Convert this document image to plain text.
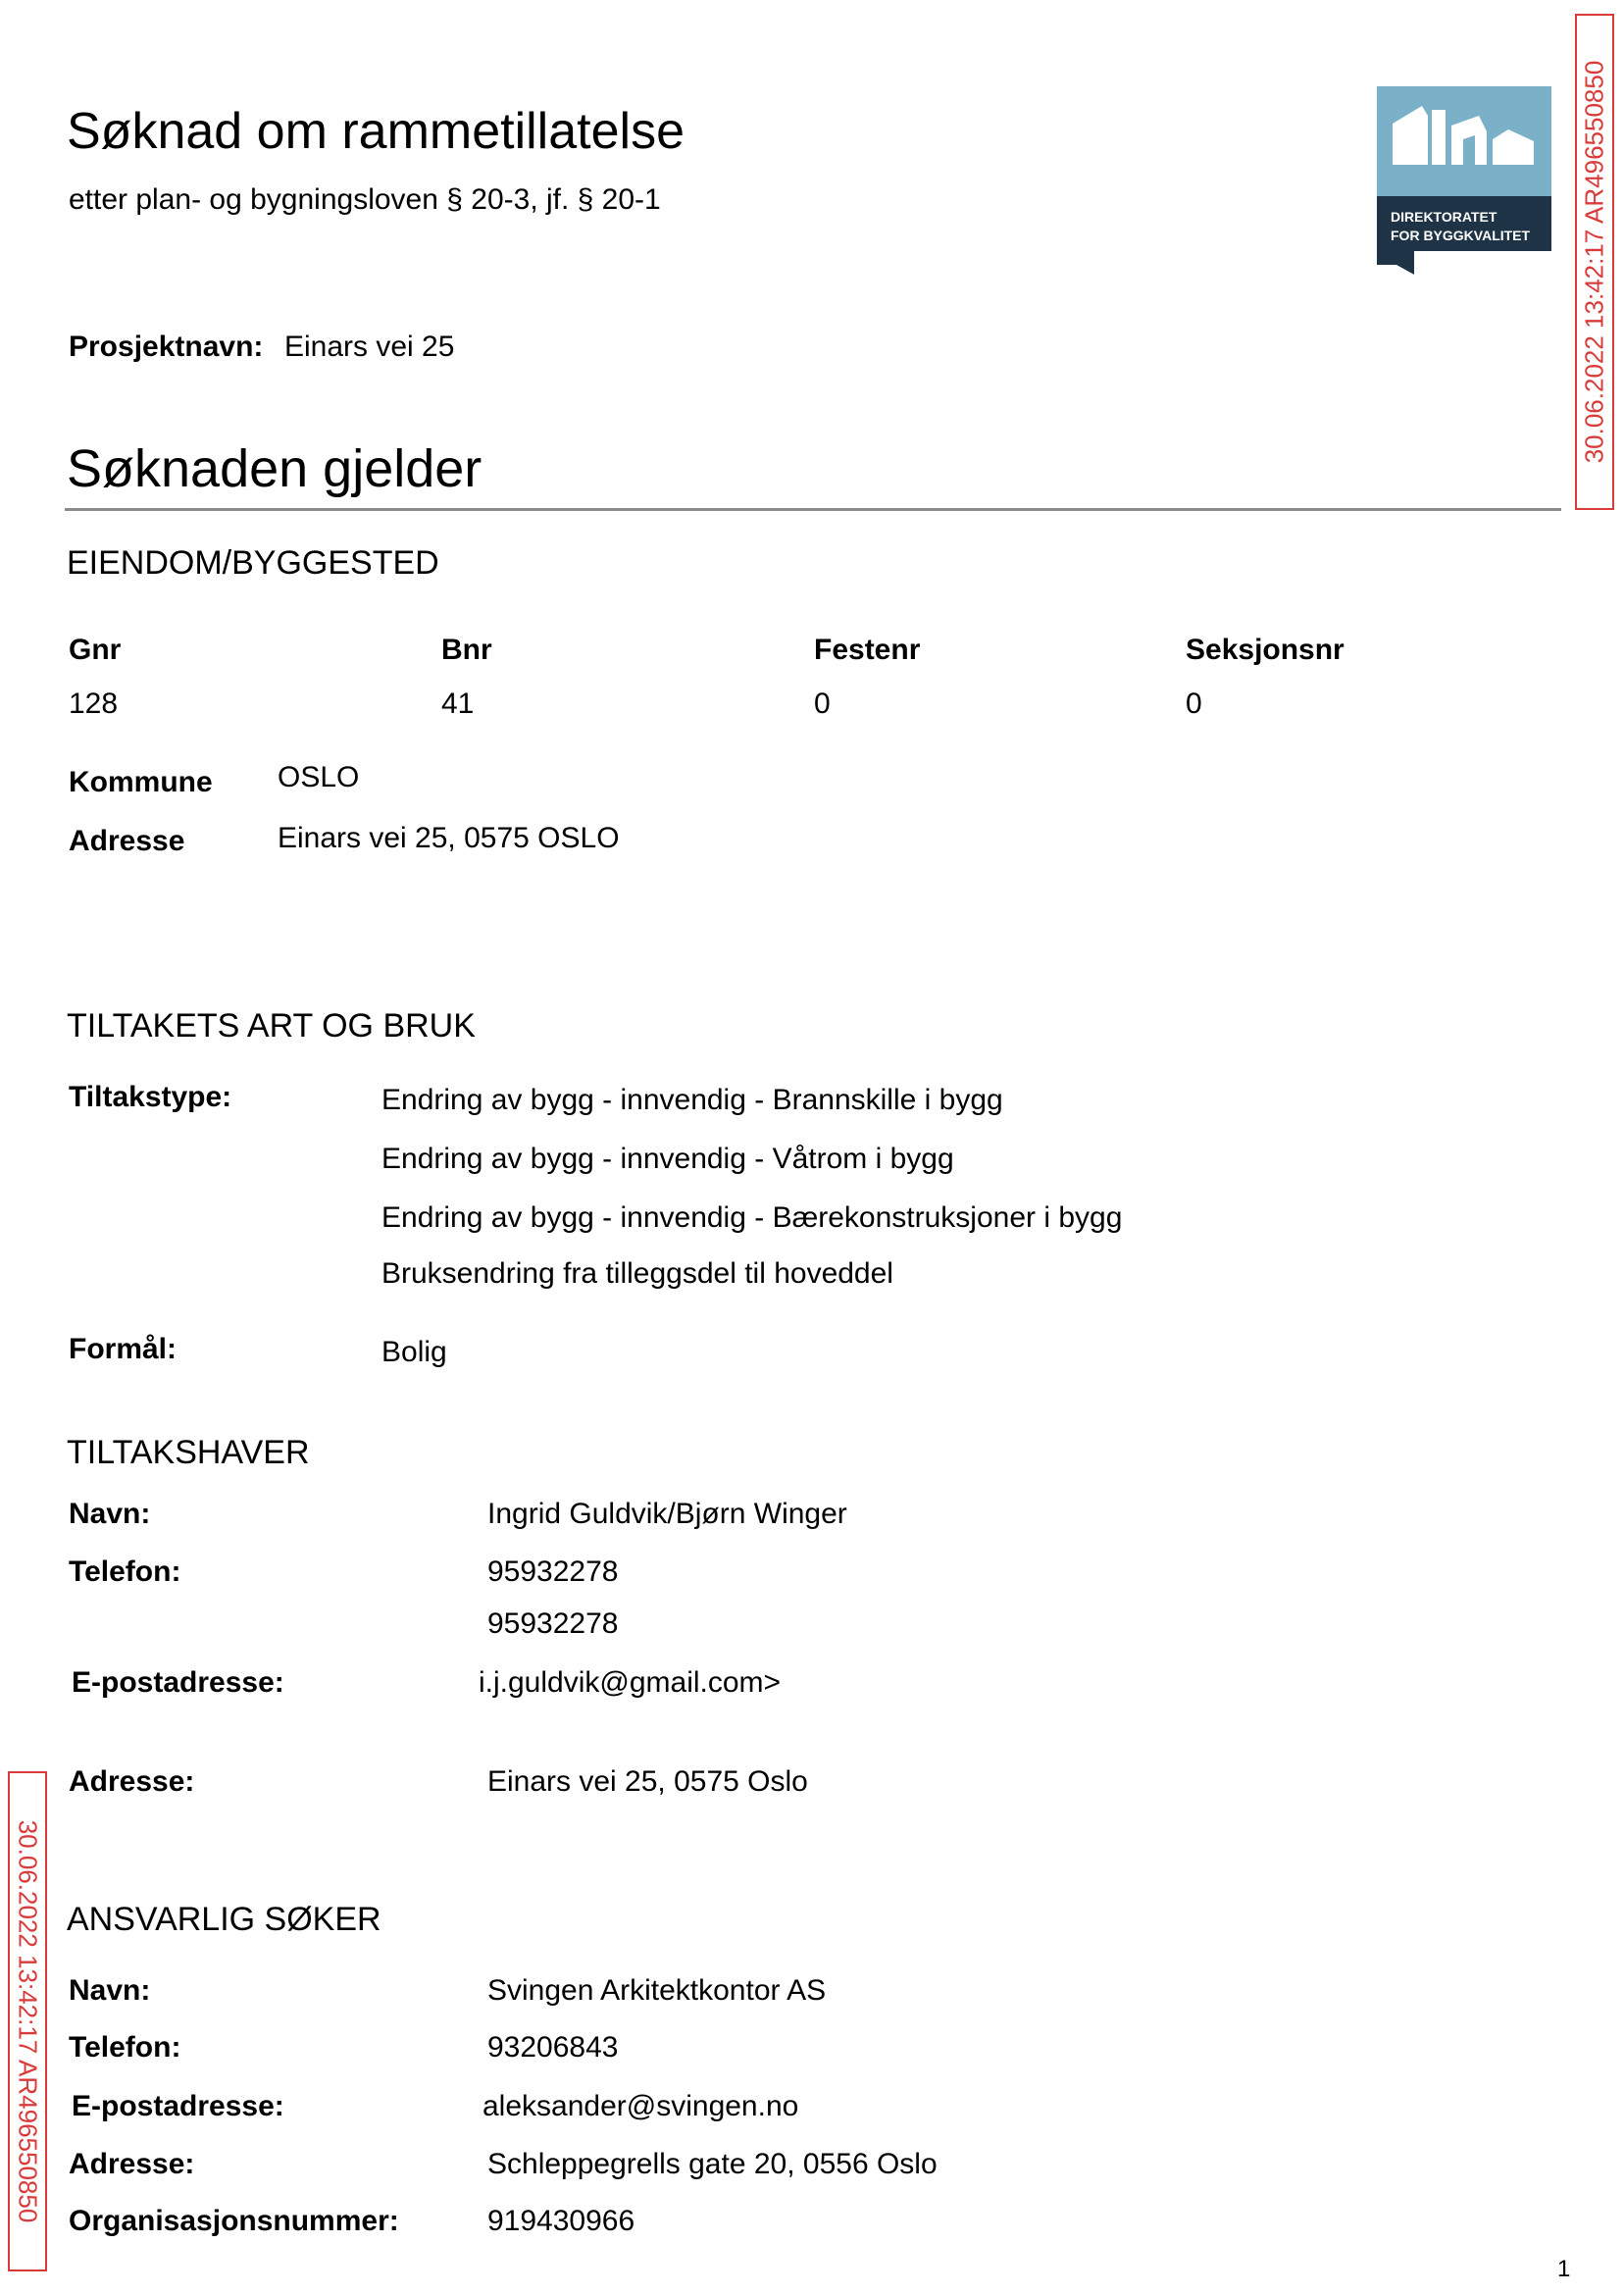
Søknad om rammetillatelse
etter plan- og bygningsloven § 20-3, jf. § 20-1
Prosjektnavn: Einars vei 25
DIREKTORATET
FOR BYGGKVALITET 30.06.2022 13:42:17 AR496550850
30.06.2022 13:42:17 AR496550850
Søknaden gjelder
EIENDOM/BYGGESTED
Gnr	Bnr	Festenr	Seksjonsnr
128	41	0	0
Kommune OSLO
Adresse	Einars vei 25, 0575 OSLO
TILTAKETS ART OG BRUK
Tiltakstype:	Endring av bygg - innvendig - Brannskille i bygg
Endring av bygg - innvendig - Våtrom i bygg
Endring av bygg - innvendig - Bærekonstruksjoner i bygg
Bruksendring fra tilleggsdel til hoveddel
Formål:	Bolig
TILTAKSHAVER
Navn:	Ingrid Guldvik/Bjørn Winger
Telefon:	95932278
95932278
E-postadresse:	i.j.guldvik@gmail.com>
Adresse:	Einars vei 25, 0575 Oslo
ANSVARLIG SØKER
Navn:	Svingen Arkitektkontor AS
Telefon:	93206843
E-postadresse:	aleksander@svingen.no
Adresse:	Schleppegrells gate 20, 0556 Oslo
Organisasjonsnummer:	919430966
1
